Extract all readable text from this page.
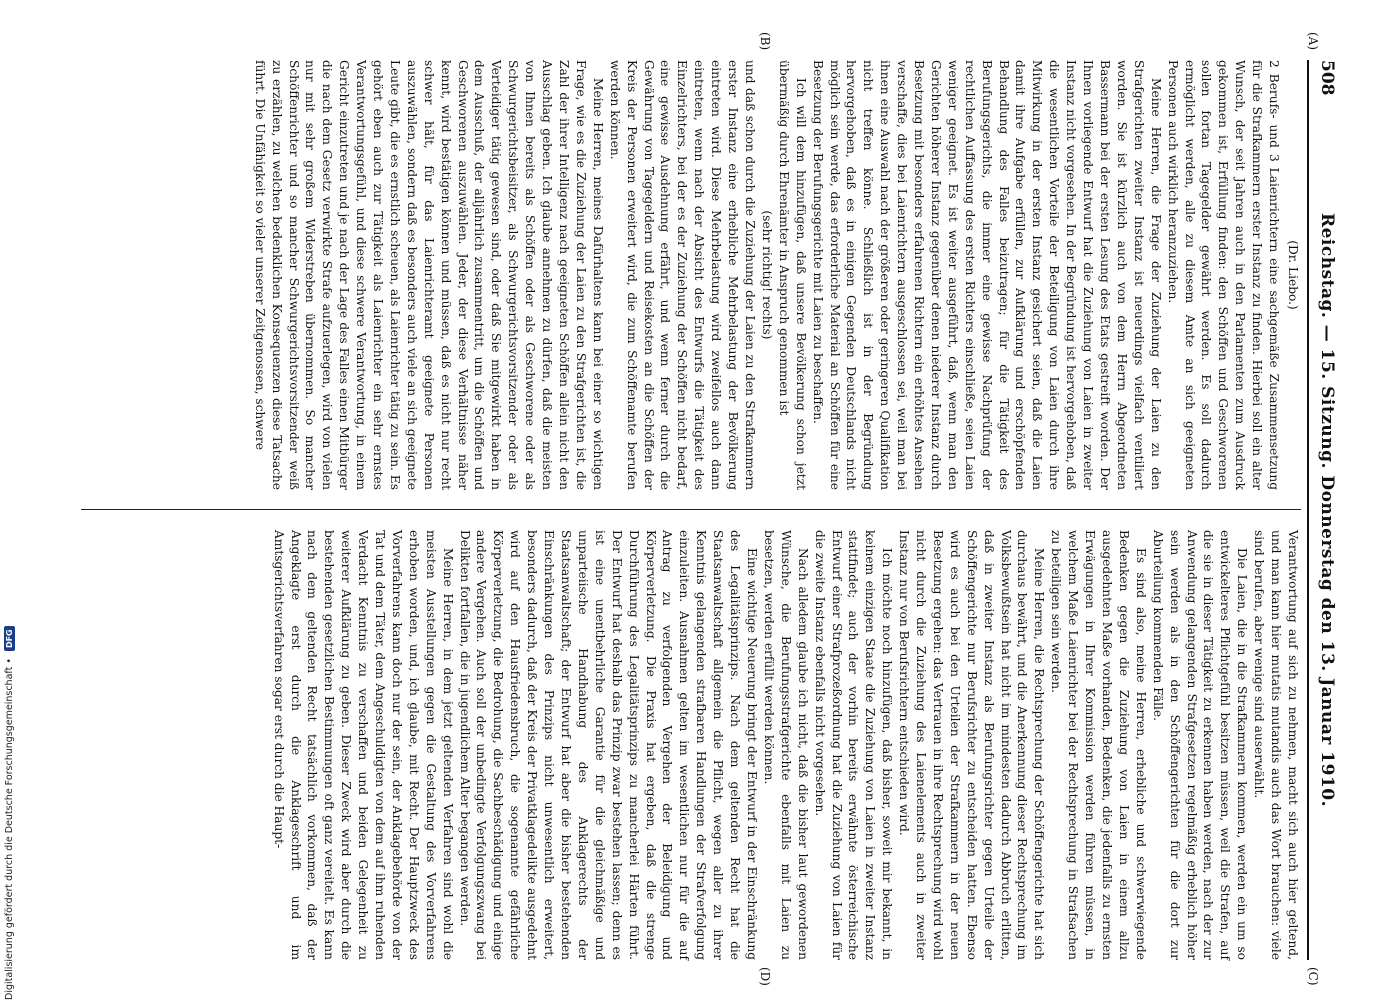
508
Reichstag. — 15. Sitzung. Donnerstag den 13. Januar 1910.
(A)
(B)
(C)
(D)
(Dr. Liebo.)

2 Berufs- und 3 Laienrichtern eine sachgemäße Zusammensetzung für die Strafkammern erster Instanz zu finden. Hierbei soll ein alter Wunsch, der seit Jahren auch in den Parlamenten zum Ausdruck gekommen ist, Erfüllung finden: den Schöffen und Geschworenen sollen fortan Tagegelder gewährt werden. Es soll dadurch ermöglicht werden, alle zu diesem Amte an sich geeigneten Personen auch wirklich heranzuziehen.

Meine Herren, die Frage der Zuziehung der Laien zu den Strafgerichten zweiter Instanz ist neuerdings vielfach ventiliert worden. Sie ist kürzlich auch von dem Herrn Abgeordneten Bassermann bei der ersten Lesung des Etats gestreift worden. Der Ihnen vorliegende Entwurf hat die Zuziehung von Laien in zweiter Instanz nicht vorgesehen. In der Begründung ist hervorgehoben, daß die wesentlichen Vorteile der Beteiligung von Laien durch ihre Mitwirkung in der ersten Instanz gesichert seien, daß die Laien damit ihre Aufgabe erfüllen, zur Aufklärung und erschöpfenden Behandlung des Falles beizutragen; für die Tätigkeit des Berufungsgerichts, die immer eine gewisse Nachprüfung der rechtlichen Auffassung des ersten Richters einschließe, seien Laien weniger geeignet. Es ist weiter ausgeführt, daß, wenn man den Gerichten höherer Instanz gegenüber denen niederer Instanz durch Besetzung mit besonders erfahrenen Richtern ein erhöhtes Ansehen verschaffe, dies bei Laienrichtern ausgeschlossen sei, weil man bei ihnen eine Auswahl nach der größeren oder geringeren Qualifikation nicht treffen könne. Schließlich ist in der Begründung hervorgehoben, daß es in einigen Gegenden Deutschlands nicht möglich sein werde, das erforderliche Material an Schöffen für eine Besetzung der Berufungsgerichte mit Laien zu beschaffen.

Ich will dem hinzufügen, daß unsere Bevölkerung schon jetzt übermäßig durch Ehrenämter in Anspruch genommen ist

(sehr richtig! rechts)

und daß schon durch die Zuziehung der Laien zu den Strafkammern erster Instanz eine erhebliche Mehrbelastung der Bevölkerung eintreten wird. Diese Mehrbelastung wird zweifellos auch dann eintreten, wenn nach der Absicht des Entwurfs die Tätigkeit des Einzelrichters, bei der es der Zuziehung der Schöffen nicht bedarf, eine gewisse Ausdehnung erfährt, und wenn ferner durch die Gewährung von Tagegeldern und Reisekosten an die Schöffen der Kreis der Personen erweitert wird, die zum Schöffenamte berufen werden können.

Meine Herren, meines Dafürhaltens kann bei einer so wichtigen Frage, wie es die Zuziehung der Laien zu den Strafgerichten ist, die Zahl der ihrer Intelligenz nach geeigneten Schöffen allein nicht den Ausschlag geben. Ich glaube annehmen zu dürfen, daß die meisten von Ihnen bereits als Schöffen oder als Geschworene oder als Schwurgerichtsbeisitzer, als Schwurgerichtsvorsitzender oder als Verteidiger tätig gewesen sind, oder daß Sie mitgewirkt haben in dem Ausschuß, der alljährlich zusammentritt, um die Schöffen und Geschworenen auszuwählen. Jeder, der diese Verhältnisse näher kennt, wird bestätigen können und müssen, daß es nicht nur recht schwer hält, für das Laienrichteramt geeignete Personen auszuwählen, sondern daß es besonders auch viele an sich geeignete Leute gibt, die es ernstlich scheuen, als Laienrichter tätig zu sein. Es gehört eben auch zur Tätigkeit als Laienrichter ein sehr ernstes Verantwortungsgefühl, und diese schwere Verantwortung, in einem Gericht einzutreten und je nach der Lage des Falles einen Mitbürger die nach dem Gesetz verwirkte Strafe aufzuerlegen, wird von vielen nur mit sehr großem Widerstreben übernommen. So mancher Schöffenrichter und so mancher Schwurgerichtsvorsitzender weiß zu erzählen, zu welchen bedenklichen Konsequenzen diese Tatsache führt. Die Unfähigkeit so vieler unserer Zeitgenossen, schwere

Verantwortung auf sich zu nehmen, macht sich auch hier geltend, und man kann hier mutatis mutandis auch das Wort brauchen: viele sind berufen, aber wenige sind auserwählt.

Die Laien, die in die Strafkammern kommen, werden ein um so entwickelteres Pflichtgefühl besitzen müssen, weil die Strafen, auf die sie in dieser Tätigkeit zu erkennen haben werden, nach der zur Anwendung gelangenden Strafgesetzen regelmäßig erheblich höher sein werden als in den Schöffengerichten für die dort zur Aburteilung kommenden Fälle.

Es sind also, meine Herren, erhebliche und schwerwiegende Bedenken gegen die Zuziehung von Laien in einem allzu ausgedehnten Maße vorhanden, Bedenken, die jedenfalls zu ernsten Erwägungen in Ihrer Kommission werden führen müssen, in welchem Maße Laienrichter bei der Rechtsprechung in Strafsachen zu beteiligen sein werden.

Meine Herren, die Rechtsprechung der Schöffengerichte hat sich durchaus bewährt, und die Anerkennung dieser Rechtsprechung im Volksbewußtsein hat nicht im mindesten dadurch Abbruch erlitten, daß in zweiter Instanz als Berufungsrichter gegen Urteile der Schöffengerichte nur Berufsrichter zu entscheiden hatten. Ebenso wird es auch bei den Urteilen der Strafkammern in der neuen Besetzung ergehen: das Vertrauen in ihre Rechtsprechung wird wohl nicht durch die Zuziehung des Laienelements auch in zweiter Instanz nur von Berufsrichtern entschieden wird.

Ich möchte noch hinzufügen, daß bisher, soweit mir bekannt, in keinem einzigen Staate die Zuziehung von Laien in zweiter Instanz stattfindet; auch der vorhin bereits erwähnte österreichische Entwurf einer Strafprozeßordnung hat die Zuziehung von Laien für die zweite Instanz ebenfalls nicht vorgesehen.

Nach alledem glaube ich nicht, daß die bisher laut gewordenen Wünsche, die Berufungsstrafgerichte ebenfalls mit Laien zu besetzen, werden erfüllt werden können.

Eine wichtige Neuerung bringt der Entwurf in der Einschränkung des Legalitätsprinzips. Nach dem geltenden Recht hat die Staatsanwaltschaft allgemein die Pflicht, wegen aller zu ihrer Kenntnis gelangenden strafbaren Handlungen der Strafverfolgung einzuleiten. Ausnahmen gelten im wesentlichen nur für die auf Antrag zu verfolgenden Vergehen der Beleidigung und Körperverletzung. Die Praxis hat ergeben, daß die strenge Durchführung des Legalitätsprinzips zu mancherlei Härten führt. Der Entwurf hat deshalb das Prinzip zwar bestehen lassen; denn es ist eine unentbehrliche Garantie für die gleichmäßige und unparteiische Handhabung des Anklagerechts der Staatsanwaltschaft; der Entwurf hat aber die bisher bestehenden Einschränkungen des Prinzips nicht unwesentlich erweitert, besonders dadurch, daß der Kreis der Privatklagedelikte ausgedehnt wird auf den Hausfriedensbruch, die sogenannte gefährliche Körperverletzung, die Bedrohung, die Sachbeschädigung und einige andere Vergehen. Auch soll der unbedingte Verfolgungszwang bei Delikten fortfallen, die in jugendlichem Alter begangen werden.

Meine Herren, in dem jetzt geltenden Verfahren sind wohl die meisten Ausstellungen gegen die Gestaltung des Vorverfahrens erhoben worden, und, ich glaube, mit Recht. Der Hauptzweck des Vorverfahrens kann doch nur der sein, der Anklagebehörde von der Tat und dem Täter, dem Angeschuldigten von dem auf ihm ruhenden Verdacht Kenntnis zu verschaffen und beiden Gelegenheit zu weiterer Aufklärung zu geben. Dieser Zweck wird aber durch die bestehenden gesetzlichen Bestimmungen oft ganz vereitelt. Es kann nach dem geltenden Recht tatsächlich vorkommen, daß der Angeklagte erst durch die Anklageschrift und im Amtsgerichtsverfahren sogar erst durch die Haupt-

Digitalisierung gefördert durch die Deutsche Forschungsgemeinschaft • DFG
